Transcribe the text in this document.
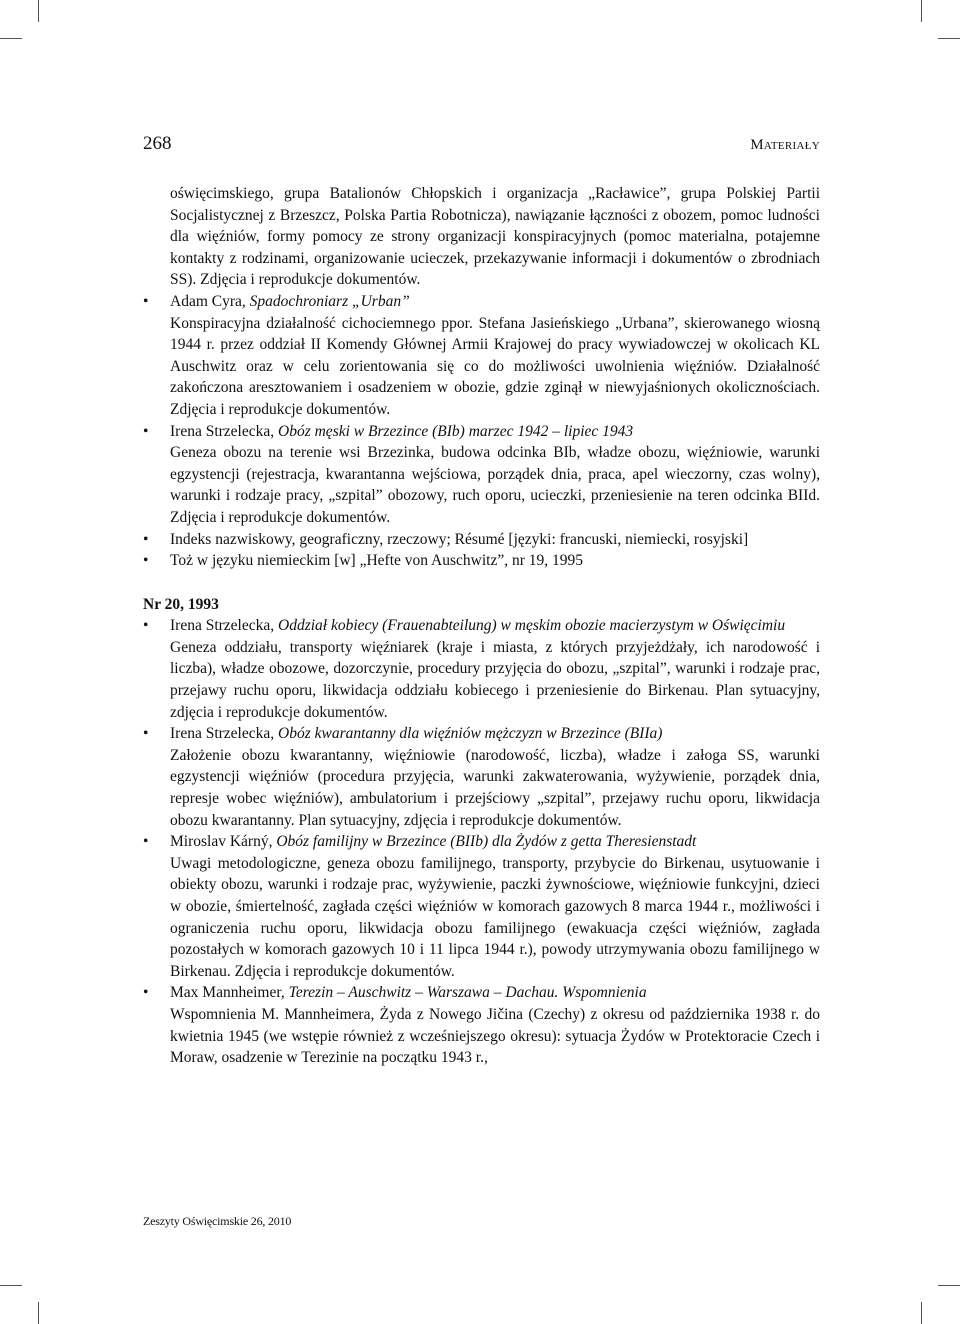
268	Materiały

oświęcimskiego, grupa Batalionów Chłopskich i organizacja „Racławice”, grupa Polskiej Partii Socjalistycznej z Brzeszcz, Polska Partia Robotnicza), nawiązanie łączności z obozem, pomoc ludności dla więźniów, formy pomocy ze strony organizacji konspiracyjnych (pomoc materialna, potajemne kontakty z rodzinami, organizowanie ucieczek, przekazywanie informacji i dokumentów o zbrodniach SS). Zdjęcia i reprodukcje dokumentów.

• Adam Cyra, Spadochroniarz „Urban”
Konspiracyjna działalność cichociemnego ppor. Stefana Jasieńskiego „Urbana”, skierowanego wiosną 1944 r. przez oddział II Komendy Głównej Armii Krajowej do pracy wywiadowczej w okolicach KL Auschwitz oraz w celu zorientowania się co do możliwości uwolnienia więźniów. Działalność zakończona aresztowaniem i osadzeniem w obozie, gdzie zginął w niewyjaśnionych okolicznościach. Zdjęcia i reprodukcje dokumentów.
• Irena Strzelecka, Obóz męski w Brzezince (BIb) marzec 1942 – lipiec 1943
Geneza obozu na terenie wsi Brzezinka, budowa odcinka BIb, władze obozu, więźniowie, warunki egzystencji (rejestracja, kwarantanna wejściowa, porządek dnia, praca, apel wieczorny, czas wolny), warunki i rodzaje pracy, „szpital” obozowy, ruch oporu, ucieczki, przeniesienie na teren odcinka BIId. Zdjęcia i reprodukcje dokumentów.
• Indeks nazwiskowy, geograficzny, rzeczowy; Résumé [języki: francuski, niemiecki, rosyjski]
• Toż w języku niemieckim [w] „Hefte von Auschwitz”, nr 19, 1995

Nr 20, 1993

• Irena Strzelecka, Oddział kobiecy (Frauenabteilung) w męskim obozie macierzystym w Oświęcimiu
Geneza oddziału, transporty więźniarek (kraje i miasta, z których przyjeżdżały, ich narodowość i liczba), władze obozowe, dozorczynie, procedury przyjęcia do obozu, „szpital”, warunki i rodzaje prac, przejawy ruchu oporu, likwidacja oddziału kobiecego i przeniesienie do Birkenau. Plan sytuacyjny, zdjęcia i reprodukcje dokumentów.
• Irena Strzelecka, Obóz kwarantanny dla więźniów mężczyzn w Brzezince (BIIa)
Założenie obozu kwarantanny, więźniowie (narodowość, liczba), władze i załoga SS, warunki egzystencji więźniów (procedura przyjęcia, warunki zakwaterowania, wyżywienie, porządek dnia, represje wobec więźniów), ambulatorium i przejściowy „szpital”, przejawy ruchu oporu, likwidacja obozu kwarantanny. Plan sytuacyjny, zdjęcia i reprodukcje dokumentów.
• Miroslav Kárný, Obóz familijny w Brzezince (BIIb) dla Żydów z getta Theresienstadt
Uwagi metodologiczne, geneza obozu familijnego, transporty, przybycie do Birkenau, usytuowanie i obiekty obozu, warunki i rodzaje prac, wyżywienie, paczki żywnościowe, więźniowie funkcyjni, dzieci w obozie, śmiertelność, zagłada części więźniów w komorach gazowych 8 marca 1944 r., możliwości i ograniczenia ruchu oporu, likwidacja obozu familijnego (ewakuacja części więźniów, zagłada pozostałych w komorach gazowych 10 i 11 lipca 1944 r.), powody utrzymywania obozu familijnego w Birkenau. Zdjęcia i reprodukcje dokumentów.
• Max Mannheimer, Terezin – Auschwitz – Warszawa – Dachau. Wspomnienia
Wspomnienia M. Mannheimera, Żyda z Nowego Jičina (Czechy) z okresu od października 1938 r. do kwietnia 1945 (we wstępie również z wcześniejszego okresu): sytuacja Żydów w Protektoracie Czech i Moraw, osadzenie w Terezinie na początku 1943 r.,
Zeszyty Oświęcimskie 26, 2010
